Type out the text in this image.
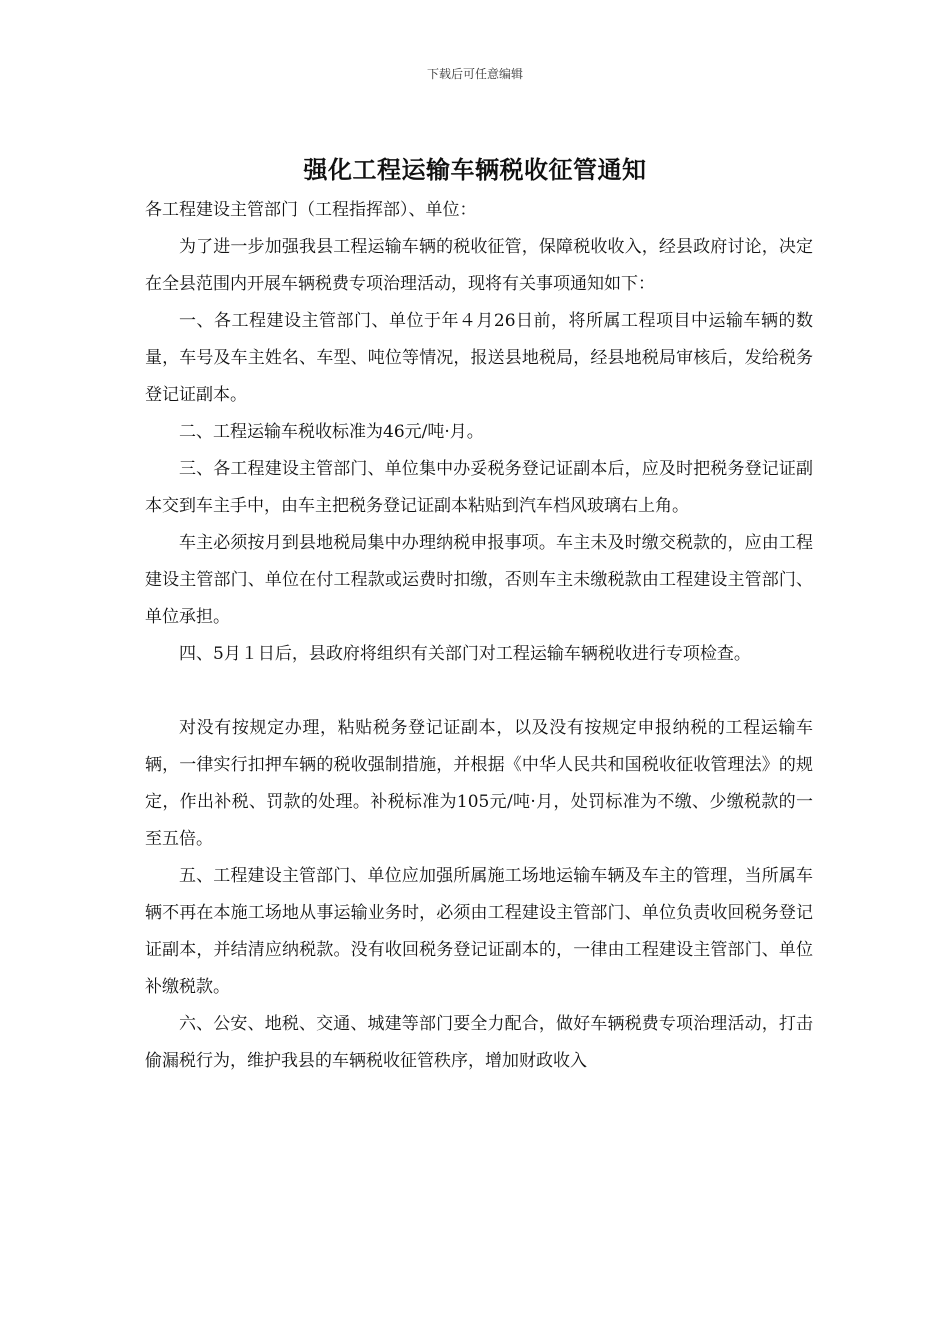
下载后可任意编辑
强化工程运输车辆税收征管通知

各工程建设主管部门（工程指挥部）、单位：

为了进一步加强我县工程运输车辆的税收征管，保障税收收入，经县政府讨论，决定在全县范围内开展车辆税费专项治理活动，现将有关事项通知如下：

一、各工程建设主管部门、单位于年４月26日前，将所属工程项目中运输车辆的数量，车号及车主姓名、车型、吨位等情况，报送县地税局，经县地税局审核后，发给税务登记证副本。

二、工程运输车税收标准为46元/吨·月。

三、各工程建设主管部门、单位集中办妥税务登记证副本后，应及时把税务登记证副本交到车主手中，由车主把税务登记证副本粘贴到汽车档风玻璃右上角。

车主必须按月到县地税局集中办理纳税申报事项。车主未及时缴交税款的，应由工程建设主管部门、单位在付工程款或运费时扣缴，否则车主未缴税款由工程建设主管部门、单位承担。

四、5月１日后，县政府将组织有关部门对工程运输车辆税收进行专项检查。

对没有按规定办理，粘贴税务登记证副本，以及没有按规定申报纳税的工程运输车辆，一律实行扣押车辆的税收强制措施，并根据《中华人民共和国税收征收管理法》的规定，作出补税、罚款的处理。补税标准为105元/吨·月，处罚标准为不缴、少缴税款的一至五倍。

五、工程建设主管部门、单位应加强所属施工场地运输车辆及车主的管理，当所属车辆不再在本施工场地从事运输业务时，必须由工程建设主管部门、单位负责收回税务登记证副本，并结清应纳税款。没有收回税务登记证副本的，一律由工程建设主管部门、单位补缴税款。

六、公安、地税、交通、城建等部门要全力配合，做好车辆税费专项治理活动，打击偷漏税行为，维护我县的车辆税收征管秩序，增加财政收入
